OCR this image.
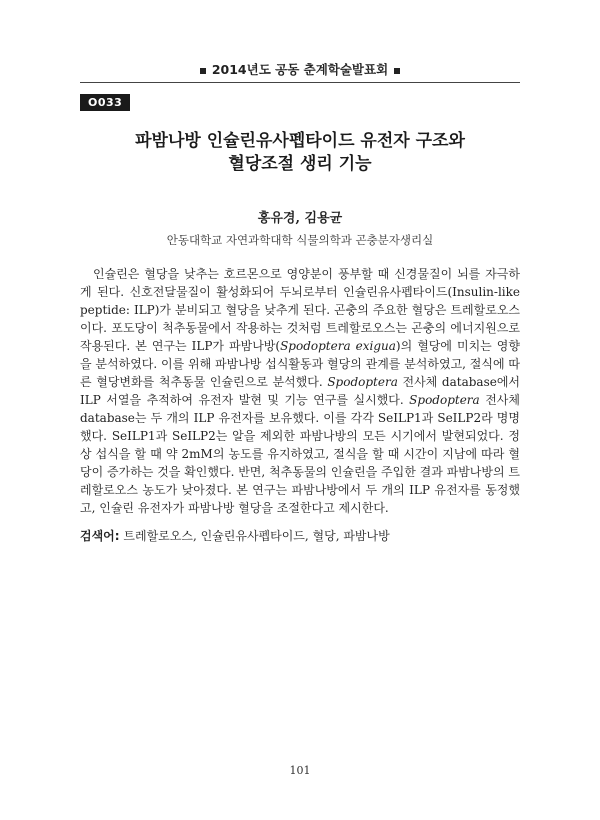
2014년도 공동 춘계학술발표회
O033
파밤나방 인슐린유사펩타이드 유전자 구조와
혈당조절 생리 기능
홍유경, 김용균
안동대학교 자연과학대학 식물의학과 곤충분자생리실

인슐린은 혈당을 낮추는 호르몬으로 영양분이 풍부할 때 신경물질이 뇌를 자극하게 된다. 신호전달물질이 활성화되어 두뇌로부터 인슐린유사펩타이드(Insulin-like peptide: ILP)가 분비되고 혈당을 낮추게 된다. 곤충의 주요한 혈당은 트레할로오스이다. 포도당이 척추동물에서 작용하는 것처럼 트레할로오스는 곤충의 에너지원으로 작용된다. 본 연구는 ILP가 파밤나방(Spodoptera exigua)의 혈당에 미치는 영향을 분석하였다. 이를 위해 파밤나방 섭식활동과 혈당의 관계를 분석하였고, 절식에 따른 혈당변화를 척추동물 인슐린으로 분석했다. Spodoptera 전사체 database에서 ILP 서열을 추적하여 유전자 발현 및 기능 연구를 실시했다. Spodoptera 전사체 database는 두 개의 ILP 유전자를 보유했다. 이를 각각 SeILP1과 SeILP2라 명명했다. SeILP1과 SeILP2는 알을 제외한 파밤나방의 모든 시기에서 발현되었다. 정상 섭식을 할 때 약 2mM의 농도를 유지하였고, 절식을 할 때 시간이 지남에 따라 혈당이 증가하는 것을 확인했다. 반면, 척추동물의 인슐린을 주입한 결과 파밤나방의 트레할로오스 농도가 낮아졌다. 본 연구는 파밤나방에서 두 개의 ILP 유전자를 동정했고, 인슐린 유전자가 파밤나방 혈당을 조절한다고 제시한다.

검색어: 트레할로오스, 인슐린유사펩타이드, 혈당, 파밤나방
101
